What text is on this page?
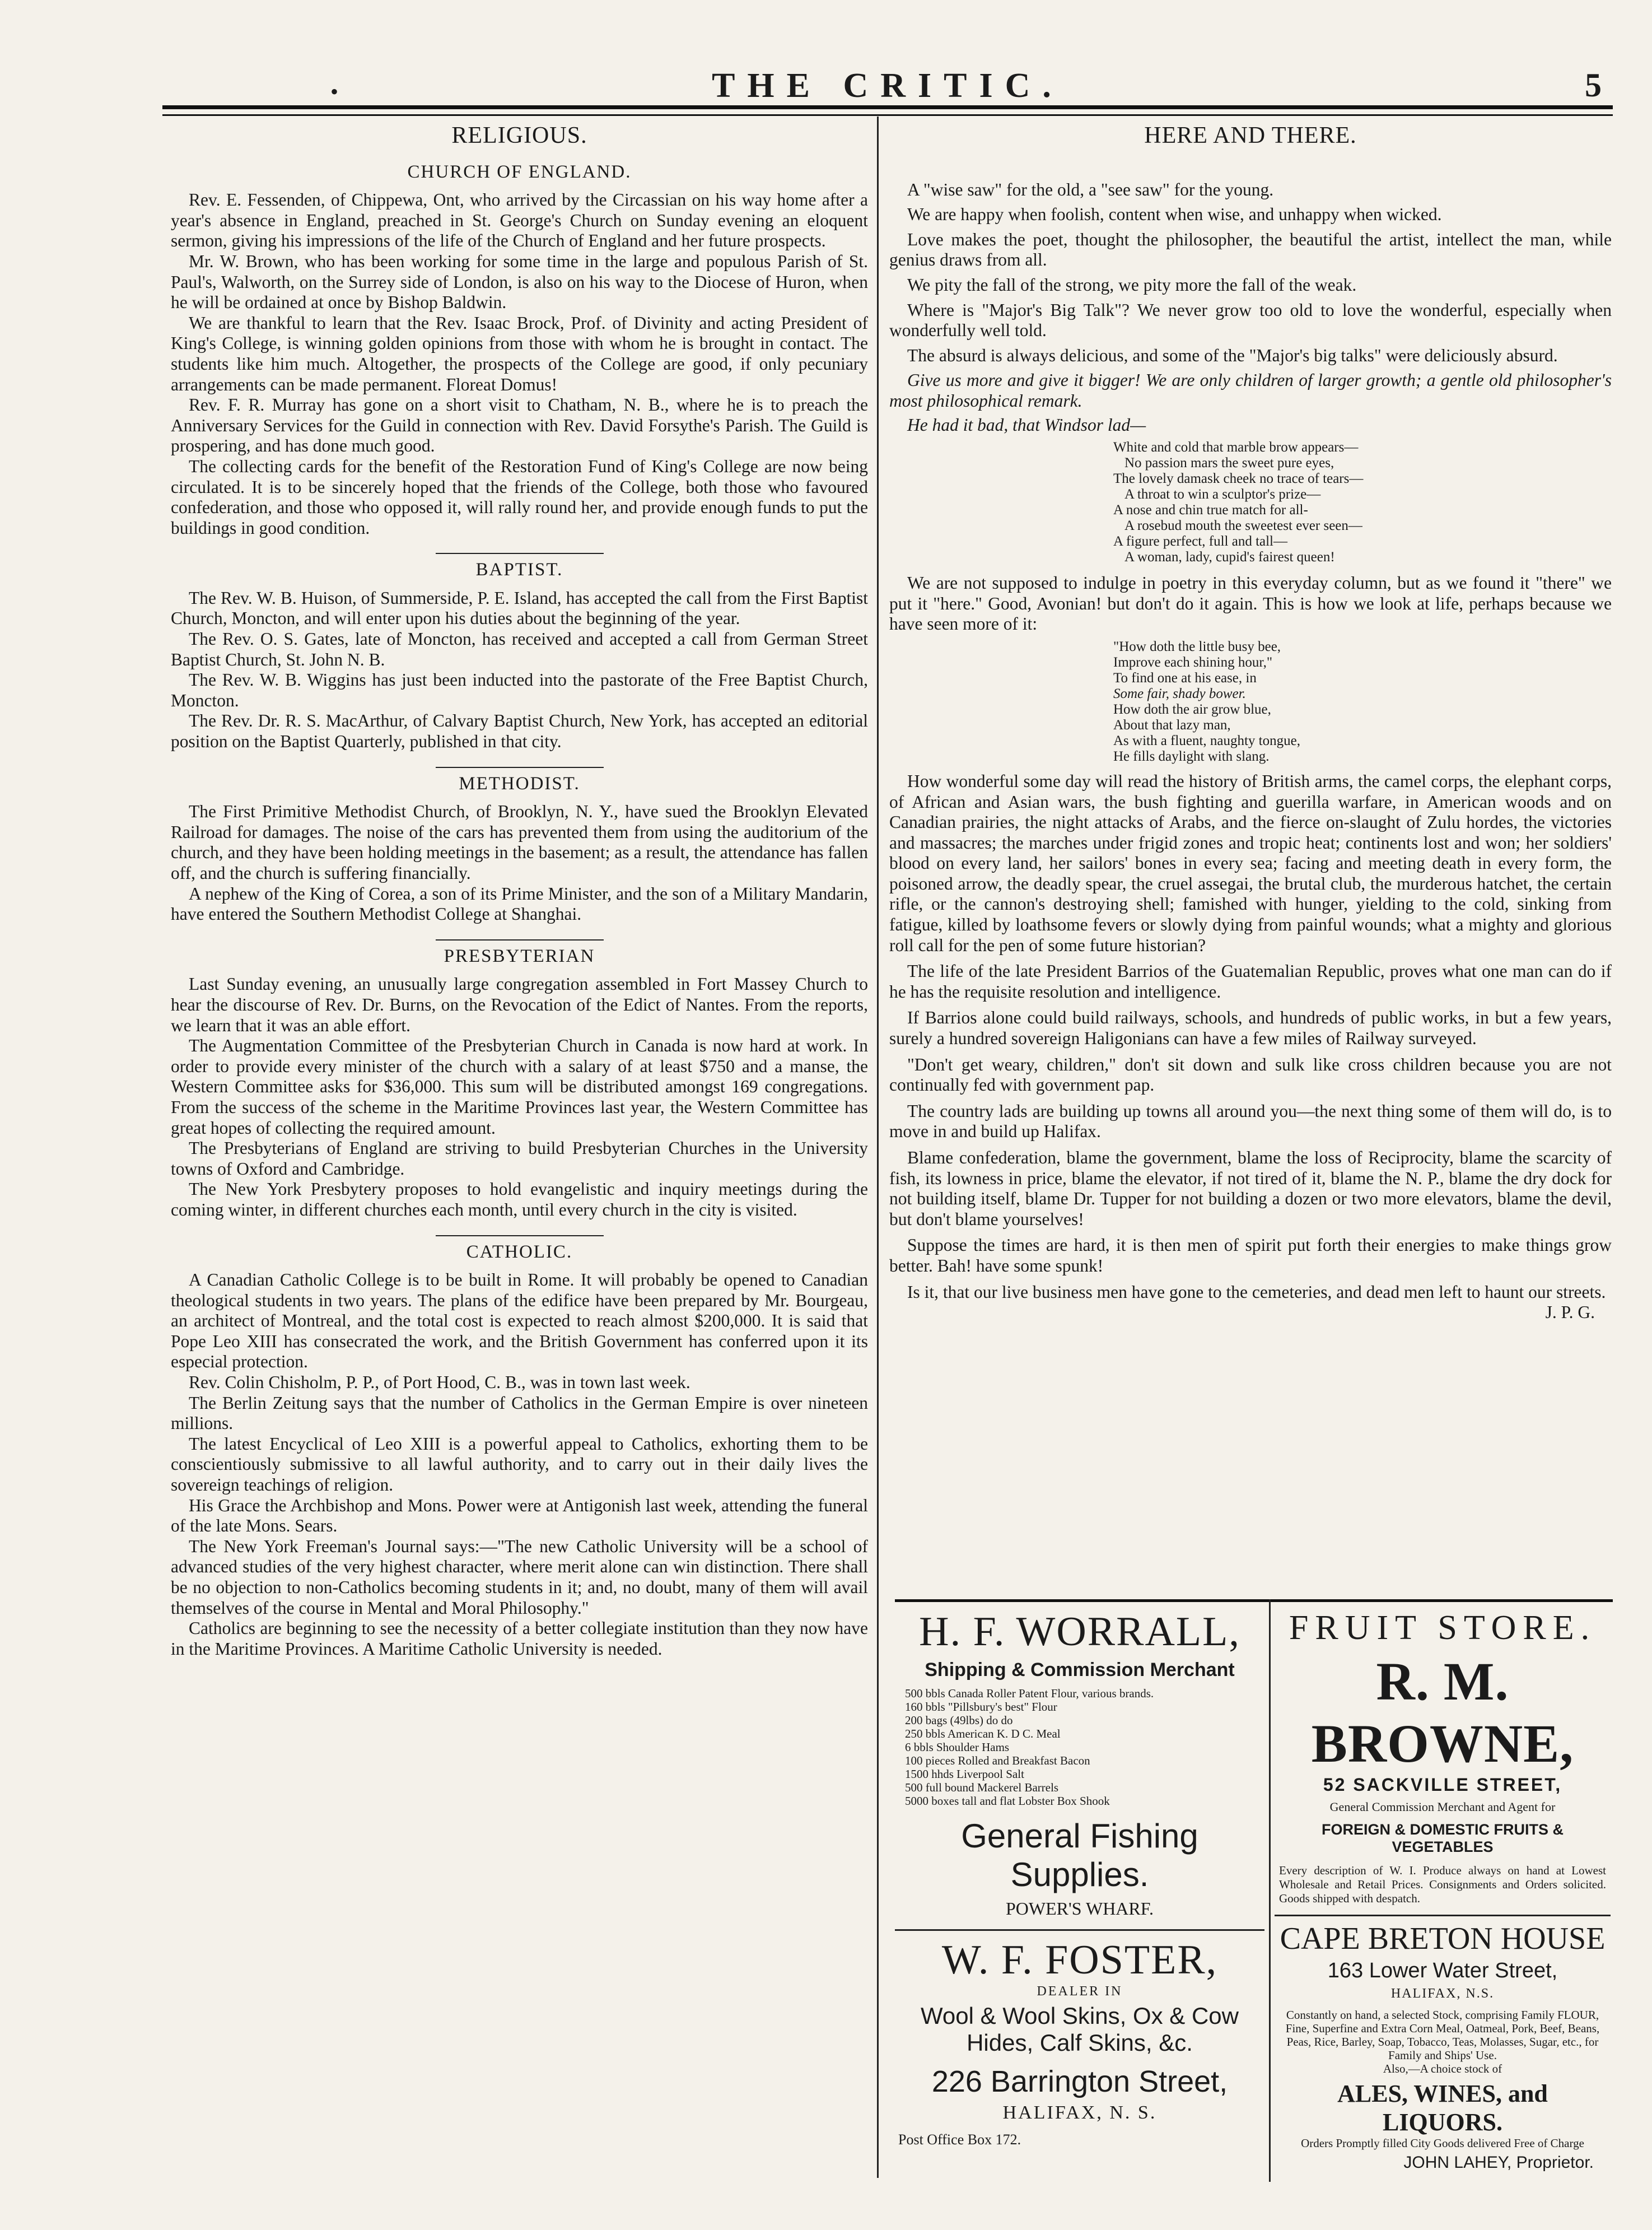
•	THE CRITIC.	5
RELIGIOUS.
CHURCH OF ENGLAND.

Rev. E. Fessenden, of Chippewa, Ont, who arrived by the Circassian on his way home after a year's absence in England, preached in St. George's Church on Sunday evening an eloquent sermon, giving his impressions of the life of the Church of England and her future prospects.

Mr. W. Brown, who has been working for some time in the large and populous Parish of St. Paul's, Walworth, on the Surrey side of London, is also on his way to the Diocese of Huron, when he will be ordained at once by Bishop Baldwin.

We are thankful to learn that the Rev. Isaac Brock, Prof. of Divinity and acting President of King's College, is winning golden opinions from those with whom he is brought in contact. The students like him much. Altogether, the prospects of the College are good, if only pecuniary arrangements can be made permanent. Floreat Domus!

Rev. F. R. Murray has gone on a short visit to Chatham, N. B., where he is to preach the Anniversary Services for the Guild in connection with Rev. David Forsythe's Parish. The Guild is prospering, and has done much good.

The collecting cards for the benefit of the Restoration Fund of King's College are now being circulated. It is to be sincerely hoped that the friends of the College, both those who favoured confederation, and those who opposed it, will rally round her, and provide enough funds to put the buildings in good condition.

BAPTIST.

The Rev. W. B. Huison, of Summerside, P. E. Island, has accepted the call from the First Baptist Church, Moncton, and will enter upon his duties about the beginning of the year.

The Rev. O. S. Gates, late of Moncton, has received and accepted a call from German Street Baptist Church, St. John N. B.

The Rev. W. B. Wiggins has just been inducted into the pastorate of the Free Baptist Church, Moncton.

The Rev. Dr. R. S. MacArthur, of Calvary Baptist Church, New York, has accepted an editorial position on the Baptist Quarterly, published in that city.

METHODIST.

The First Primitive Methodist Church, of Brooklyn, N. Y., have sued the Brooklyn Elevated Railroad for damages. The noise of the cars has prevented them from using the auditorium of the church, and they have been holding meetings in the basement; as a result, the attendance has fallen off, and the church is suffering financially.

A nephew of the King of Corea, a son of its Prime Minister, and the son of a Military Mandarin, have entered the Southern Methodist College at Shanghai.

PRESBYTERIAN

Last Sunday evening, an unusually large congregation assembled in Fort Massey Church to hear the discourse of Rev. Dr. Burns, on the Revocation of the Edict of Nantes. From the reports, we learn that it was an able effort.

The Augmentation Committee of the Presbyterian Church in Canada is now hard at work. In order to provide every minister of the church with a salary of at least $750 and a manse, the Western Committee asks for $36,000. This sum will be distributed amongst 169 congregations. From the success of the scheme in the Maritime Provinces last year, the Western Committee has great hopes of collecting the required amount.

The Presbyterians of England are striving to build Presbyterian Churches in the University towns of Oxford and Cambridge.

The New York Presbytery proposes to hold evangelistic and inquiry meetings during the coming winter, in different churches each month, until every church in the city is visited.

CATHOLIC.

A Canadian Catholic College is to be built in Rome. It will probably be opened to Canadian theological students in two years. The plans of the edifice have been prepared by Mr. Bourgeau, an architect of Montreal, and the total cost is expected to reach almost $200,000. It is said that Pope Leo XIII has consecrated the work, and the British Government has conferred upon it its especial protection.

Rev. Colin Chisholm, P. P., of Port Hood, C. B., was in town last week.

The Berlin Zeitung says that the number of Catholics in the German Empire is over nineteen millions.

The latest Encyclical of Leo XIII is a powerful appeal to Catholics, exhorting them to be conscientiously submissive to all lawful authority, and to carry out in their daily lives the sovereign teachings of religion.

His Grace the Archbishop and Mons. Power were at Antigonish last week, attending the funeral of the late Mons. Sears.

The New York Freeman's Journal says:—"The new Catholic University will be a school of advanced studies of the very highest character, where merit alone can win distinction. There shall be no objection to non-Catholics becoming students in it; and, no doubt, many of them will avail themselves of the course in Mental and Moral Philosophy."

Catholics are beginning to see the necessity of a better collegiate institution than they now have in the Maritime Provinces. A Maritime Catholic University is needed.

HERE AND THERE.

A "wise saw" for the old, a "see saw" for the young.

We are happy when foolish, content when wise, and unhappy when wicked.

Love makes the poet, thought the philosopher, the beautiful the artist, intellect the man, while genius draws from all.

We pity the fall of the strong, we pity more the fall of the weak.

Where is "Major's Big Talk"? We never grow too old to love the wonderful, especially when wonderfully well told.

The absurd is always delicious, and some of the "Major's big talks" were deliciously absurd.

Give us more and give it bigger! We are only children of larger growth; a gentle old philosopher's most philosophical remark.

He had it bad, that Windsor lad—

White and cold that marble brow appears—
No passion mars the sweet pure eyes,
The lovely damask cheek no trace of tears—
A throat to win a sculptor's prize—
A nose and chin true match for all-
A rosebud mouth the sweetest ever seen—
A figure perfect, full and tall—
A woman, lady, cupid's fairest queen!

We are not supposed to indulge in poetry in this everyday column, but as we found it "there" we put it "here." Good, Avonian! but don't do it again. This is how we look at life, perhaps because we have seen more of it:

"How doth the little busy bee,
Improve each shining hour,"
To find one at his ease, in
Some fair, shady bower.
How doth the air grow blue,
About that lazy man,
As with a fluent, naughty tongue,
He fills daylight with slang.

How wonderful some day will read the history of British arms, the camel corps, the elephant corps, of African and Asian wars, the bush fighting and guerilla warfare, in American woods and on Canadian prairies, the night attacks of Arabs, and the fierce on-slaught of Zulu hordes, the victories and massacres; the marches under frigid zones and tropic heat; continents lost and won; her soldiers' blood on every land, her sailors' bones in every sea; facing and meeting death in every form, the poisoned arrow, the deadly spear, the cruel assegai, the brutal club, the murderous hatchet, the certain rifle, or the cannon's destroying shell; famished with hunger, yielding to the cold, sinking from fatigue, killed by loathsome fevers or slowly dying from painful wounds; what a mighty and glorious roll call for the pen of some future historian?

The life of the late President Barrios of the Guatemalian Republic, proves what one man can do if he has the requisite resolution and intelligence.

If Barrios alone could build railways, schools, and hundreds of public works, in but a few years, surely a hundred sovereign Haligonians can have a few miles of Railway surveyed.

"Don't get weary, children," don't sit down and sulk like cross children because you are not continually fed with government pap.

The country lads are building up towns all around you—the next thing some of them will do, is to move in and build up Halifax.

Blame confederation, blame the government, blame the loss of Reciprocity, blame the scarcity of fish, its lowness in price, blame the elevator, if not tired of it, blame the N. P., blame the dry dock for not building itself, blame Dr. Tupper for not building a dozen or two more elevators, blame the devil, but don't blame yourselves!

Suppose the times are hard, it is then men of spirit put forth their energies to make things grow better. Bah! have some spunk!

Is it, that our live business men have gone to the cemeteries, and dead men left to haunt our streets.

J. P. G.
H. F. WORRALL,
Shipping & Commission Merchant
500 bbls Canada Roller Patent Flour, various brands.
160 bbls "Pillsbury's best" Flour
200 bags (49lbs) do do
250 bbls American K. D C. Meal
6 bbls Shoulder Hams
100 pieces Rolled and Breakfast Bacon
1500 hhds Liverpool Salt
500 full bound Mackerel Barrels
5000 boxes tall and flat Lobster Box Shook
General Fishing Supplies.
POWER'S WHARF.
W. F. FOSTER,
DEALER IN
Wool & Wool Skins, Ox & Cow
Hides, Calf Skins, &c.
226 Barrington Street,
HALIFAX, N. S.
Post Office Box 172.
FRUIT STORE.
R. M. BROWNE,
52 SACKVILLE STREET,
General Commission Merchant and Agent for
FOREIGN & DOMESTIC FRUITS & VEGETABLES
Every description of W. I. Produce always on hand at Lowest Wholesale and Retail Prices. Consignments and Orders solicited. Goods shipped with despatch.
CAPE BRETON HOUSE
163 Lower Water Street,
HALIFAX, N.S.
Constantly on hand, a selected Stock, comprising Family FLOUR, Fine, Superfine and Extra Corn Meal, Oatmeal, Pork, Beef, Beans, Peas, Rice, Barley, Soap, Tobacco, Teas, Molasses, Sugar, etc., for Family and Ships' Use.
Also,—A choice stock of
ALES, WINES, and LIQUORS.
Orders Promptly filled City Goods delivered Free of Charge
JOHN LAHEY, Proprietor.
